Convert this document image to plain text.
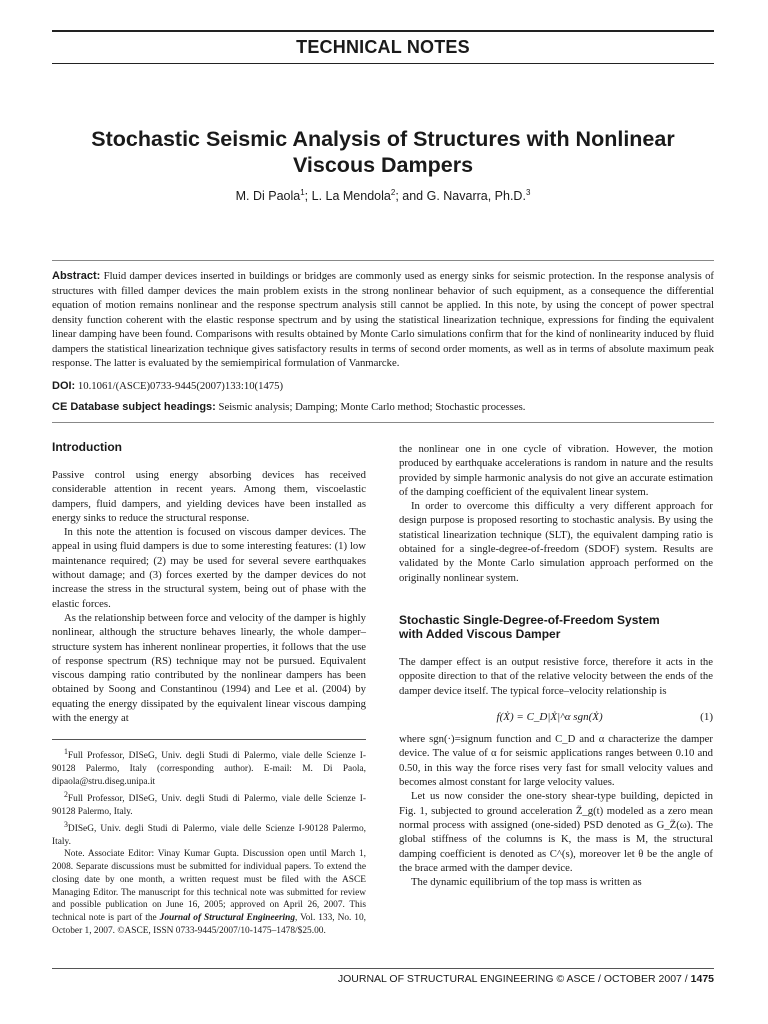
TECHNICAL NOTES
Stochastic Seismic Analysis of Structures with Nonlinear
Viscous Dampers
M. Di Paola$^1$; L. La Mendola$^2$; and G. Navarra, Ph.D.$^3$
Abstract: Fluid damper devices inserted in buildings or bridges are commonly used as energy sinks for seismic protection. In the response analysis of structures with filled damper devices the main problem exists in the strong nonlinear behavior of such equipment, as a consequence the differential equation of motion remains nonlinear and the response spectrum analysis still cannot be applied. In this note, by using the concept of power spectral density function coherent with the elastic response spectrum and by using the statistical linearization technique, expressions for finding the equivalent linear damping have been found. Comparisons with results obtained by Monte Carlo simulations confirm that for the kind of nonlinearity induced by fluid dampers the statistical linearization technique gives satisfactory results in terms of second order moments, as well as in terms of absolute maximum peak response. The latter is evaluated by the semiempirical formulation of Vanmarcke.
DOI: 10.1061/(ASCE)0733-9445(2007)133:10(1475)
CE Database subject headings: Seismic analysis; Damping; Monte Carlo method; Stochastic processes.
Introduction

Passive control using energy absorbing devices has received considerable attention in recent years. Among them, viscoelastic dampers, fluid dampers, and yielding devices have been installed as energy sinks to reduce the structural response.

In this note the attention is focused on viscous damper devices. The appeal in using fluid dampers is due to some interesting features: (1) low maintenance required; (2) may be used for several severe earthquakes without damage; and (3) forces exerted by the damper devices do not increase the stress in the structural system, being out of phase with the elastic forces.

As the relationship between force and velocity of the damper is highly nonlinear, although the structure behaves linearly, the whole damper–structure system has inherent nonlinear properties, it follows that the use of response spectrum (RS) technique may not be pursued. Equivalent viscous damping ratio contributed by the nonlinear dampers has been obtained by Soong and Constantinou (1994) and Lee et al. (2004) by equating the energy dissipated by the equivalent linear viscous damping with the energy at

$^1$Full Professor, DISeG, Univ. degli Studi di Palermo, viale delle Scienze I-90128 Palermo, Italy (corresponding author). E-mail: M. Di Paola, dipaola@stru.diseg.unipa.it

$^2$Full Professor, DISeG, Univ. degli Studi di Palermo, viale delle Scienze I-90128 Palermo, Italy.

$^3$DISeG, Univ. degli Studi di Palermo, viale delle Scienze I-90128 Palermo, Italy.

Note. Associate Editor: Vinay Kumar Gupta. Discussion open until March 1, 2008. Separate discussions must be submitted for individual papers. To extend the closing date by one month, a written request must be filed with the ASCE Managing Editor. The manuscript for this technical note was submitted for review and possible publication on June 16, 2005; approved on April 26, 2007. This technical note is part of the Journal of Structural Engineering, Vol. 133, No. 10, October 1, 2007. ©ASCE, ISSN 0733-9445/2007/10-1475–1478/$25.00.

the nonlinear one in one cycle of vibration. However, the motion produced by earthquake accelerations is random in nature and the results provided by simple harmonic analysis do not give an accurate estimation of the damping coefficient of the equivalent linear system.

In order to overcome this difficulty a very different approach for design purpose is proposed resorting to stochastic analysis. By using the statistical linearization technique (SLT), the equivalent damping ratio is obtained for a single-degree-of-freedom (SDOF) system. Results are validated by the Monte Carlo simulation approach performed on the originally nonlinear system.

Stochastic Single-Degree-of-Freedom System
with Added Viscous Damper

The damper effect is an output resistive force, therefore it acts in the opposite direction to that of the relative velocity between the ends of the damper device itself. The typical force–velocity relationship is

f(Ẋ) = C_D|Ẋ|^α sgn(Ẋ)	(1)

where sgn(·)=signum function and C_D and α characterize the damper device. The value of α for seismic applications ranges between 0.10 and 0.50, in this way the force rises very fast for small velocity values and becomes almost constant for large velocity values.

Let us now consider the one-story shear-type building, depicted in Fig. 1, subjected to ground acceleration Z̈_g(t) modeled as a zero mean normal process with assigned (one-sided) PSD denoted as G_Z̈(ω). The global stiffness of the columns is K, the mass is M, the structural damping coefficient is denoted as C^(s), moreover let θ be the angle of the brace armed with the damper device.

The dynamic equilibrium of the top mass is written as

JOURNAL OF STRUCTURAL ENGINEERING © ASCE / OCTOBER 2007 / 1475
